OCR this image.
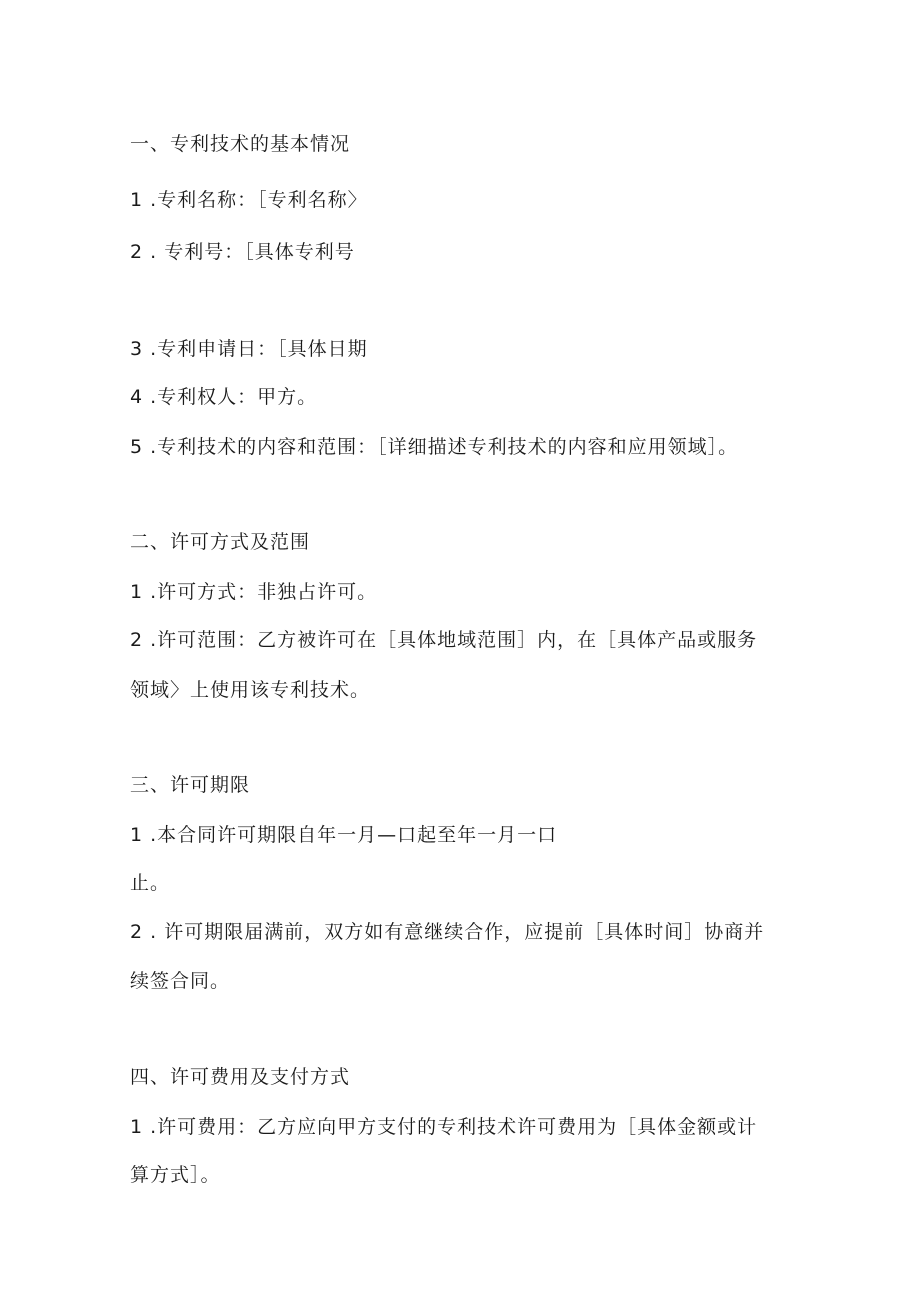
一、专利技术的基本情况
1 .专利名称：［专利名称〉
2 . 专利号：［具体专利号
3 .专利申请日：［具体日期
4 .专利权人：甲方。
5 .专利技术的内容和范围：［详细描述专利技术的内容和应用领域］。
二、许可方式及范围
1 .许可方式：非独占许可。
2 .许可范围：乙方被许可在［具体地域范围］内，在［具体产品或服务
领域〉上使用该专利技术。
三、许可期限
1 .本合同许可期限自年一月—口起至年一月一口
止。
2 . 许可期限届满前，双方如有意继续合作，应提前［具体时间］协商并
续签合同。
四、许可费用及支付方式
1 .许可费用：乙方应向甲方支付的专利技术许可费用为［具体金额或计
算方式］。
